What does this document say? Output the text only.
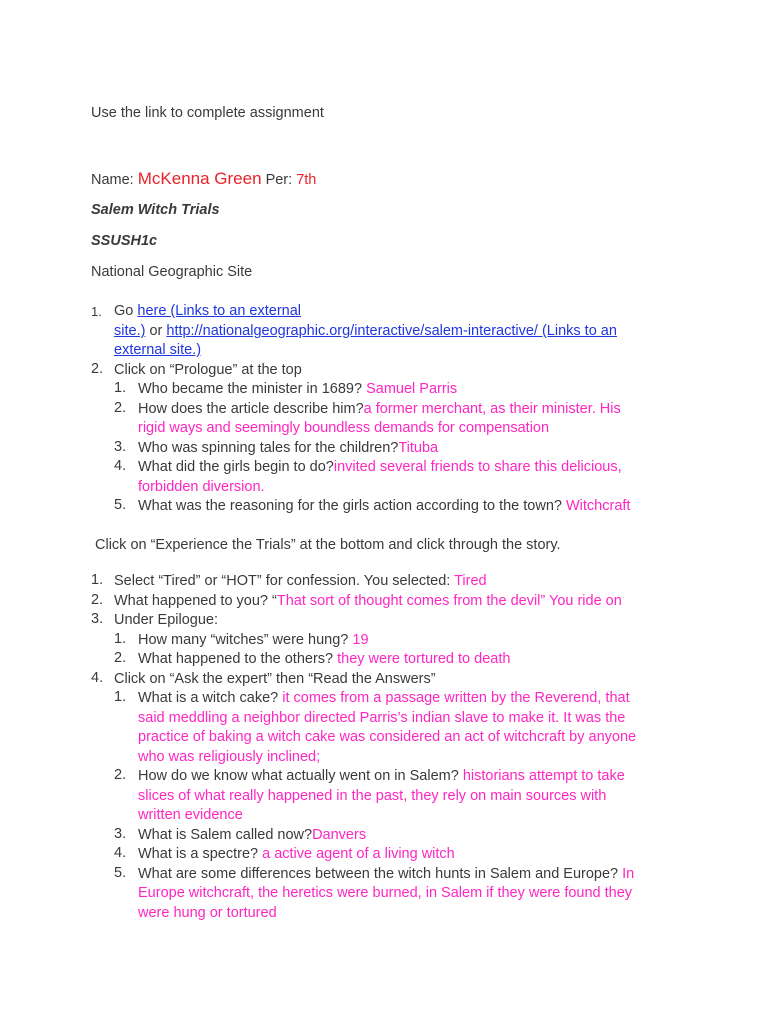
Use the link to complete assignment
Name: McKenna Green Per: 7th
Salem Witch Trials
SSUSH1c
National Geographic Site
1. Go here (Links to an external
site.) or http://nationalgeographic.org/interactive/salem-interactive/ (Links to an
external site.)
2. Click on “Prologue” at the top
1. Who became the minister in 1689? Samuel Parris
2. How does the article describe him?a former merchant, as their minister. His
rigid ways and seemingly boundless demands for compensation
3. Who was spinning tales for the children?Tituba
4. What did the girls begin to do?invited several friends to share this delicious,
forbidden diversion.
5. What was the reasoning for the girls action according to the town? Witchcraft
Click on “Experience the Trials” at the bottom and click through the story.
1. Select “Tired” or “HOT” for confession. You selected: Tired
2. What happened to you? “That sort of thought comes from the devil” You ride on
3. Under Epilogue:
1. How many “witches” were hung? 19
2. What happened to the others? they were tortured to death
4. Click on “Ask the expert” then “Read the Answers”
1. What is a witch cake? it comes from a passage written by the Reverend, that
said meddling a neighbor directed Parris’s indian slave to make it. It was the
practice of baking a witch cake was considered an act of witchcraft by anyone
who was religiously inclined;
2. How do we know what actually went on in Salem? historians attempt to take
slices of what really happened in the past, they rely on main sources with
written evidence
3. What is Salem called now?Danvers
4. What is a spectre? a active agent of a living witch
5. What are some differences between the witch hunts in Salem and Europe? In
Europe witchcraft, the heretics were burned, in Salem if they were found they
were hung or tortured
